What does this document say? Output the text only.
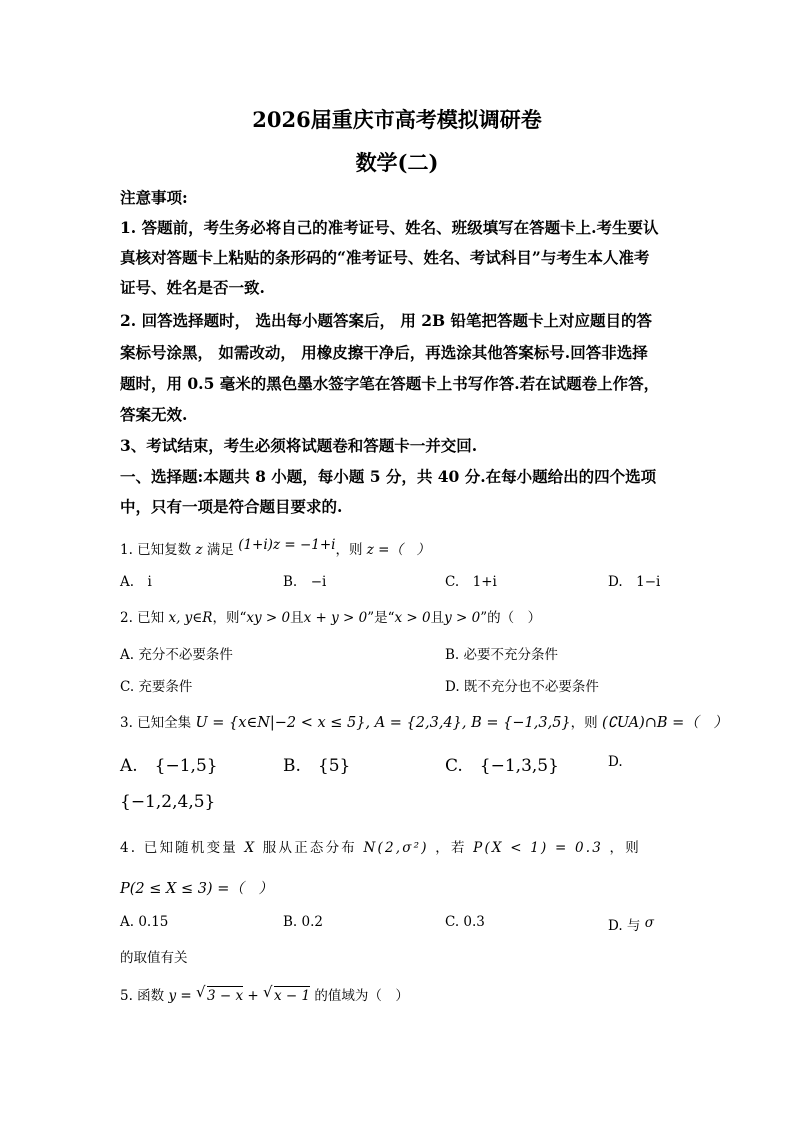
2026届重庆市高考模拟调研卷
数学(二)
注意事项:
1. 答题前，考生务必将自己的准考证号、姓名、班级填写在答题卡上.考生要认
真核对答题卡上粘贴的条形码的“准考证号、姓名、考试科目”与考生本人准考
证号、姓名是否一致.
2. 回答选择题时， 选出每小题答案后， 用 2B 铅笔把答题卡上对应题目的答
案标号涂黑， 如需改动， 用橡皮擦干净后，再选涂其他答案标号.回答非选择
题时，用 0.5 毫米的黑色墨水签字笔在答题卡上书写作答.若在试题卷上作答，
答案无效.
3、考试结束，考生必须将试题卷和答题卡一并交回.
一、选择题:本题共 8 小题，每小题 5 分，共 40 分.在每小题给出的四个选项
中，只有一项是符合题目要求的.
1. 已知复数 z 满足 (1+i)z = −1+i，则 z =（　）
A.　i	B.　−i	C.　1+i	D.　1−i
2. 已知 x, y∈R，则“xy > 0且x + y > 0”是“x > 0且y > 0”的（　）
A. 充分不必要条件	B. 必要不充分条件
C. 充要条件	D. 既不充分也不必要条件
3. 已知全集 U = {x∈N|−2 < x ≤ 5}, A = {2,3,4}, B = {−1,3,5}，则 (∁UA)∩B =（　）
A.　{−1,5}	B.　{5}	C.　{−1,3,5}	D.
{−1,2,4,5}
4. 已知随机变量 X 服从正态分布 N(2,σ²) ，若 P(X < 1) = 0.3 ，则
P(2 ≤ X ≤ 3) =（　）
A. 0.15	B. 0.2	C. 0.3	D. 与 σ
的取值有关
5. 函数 y = √ 3 − x + √ x − 1 的值域为（　）
